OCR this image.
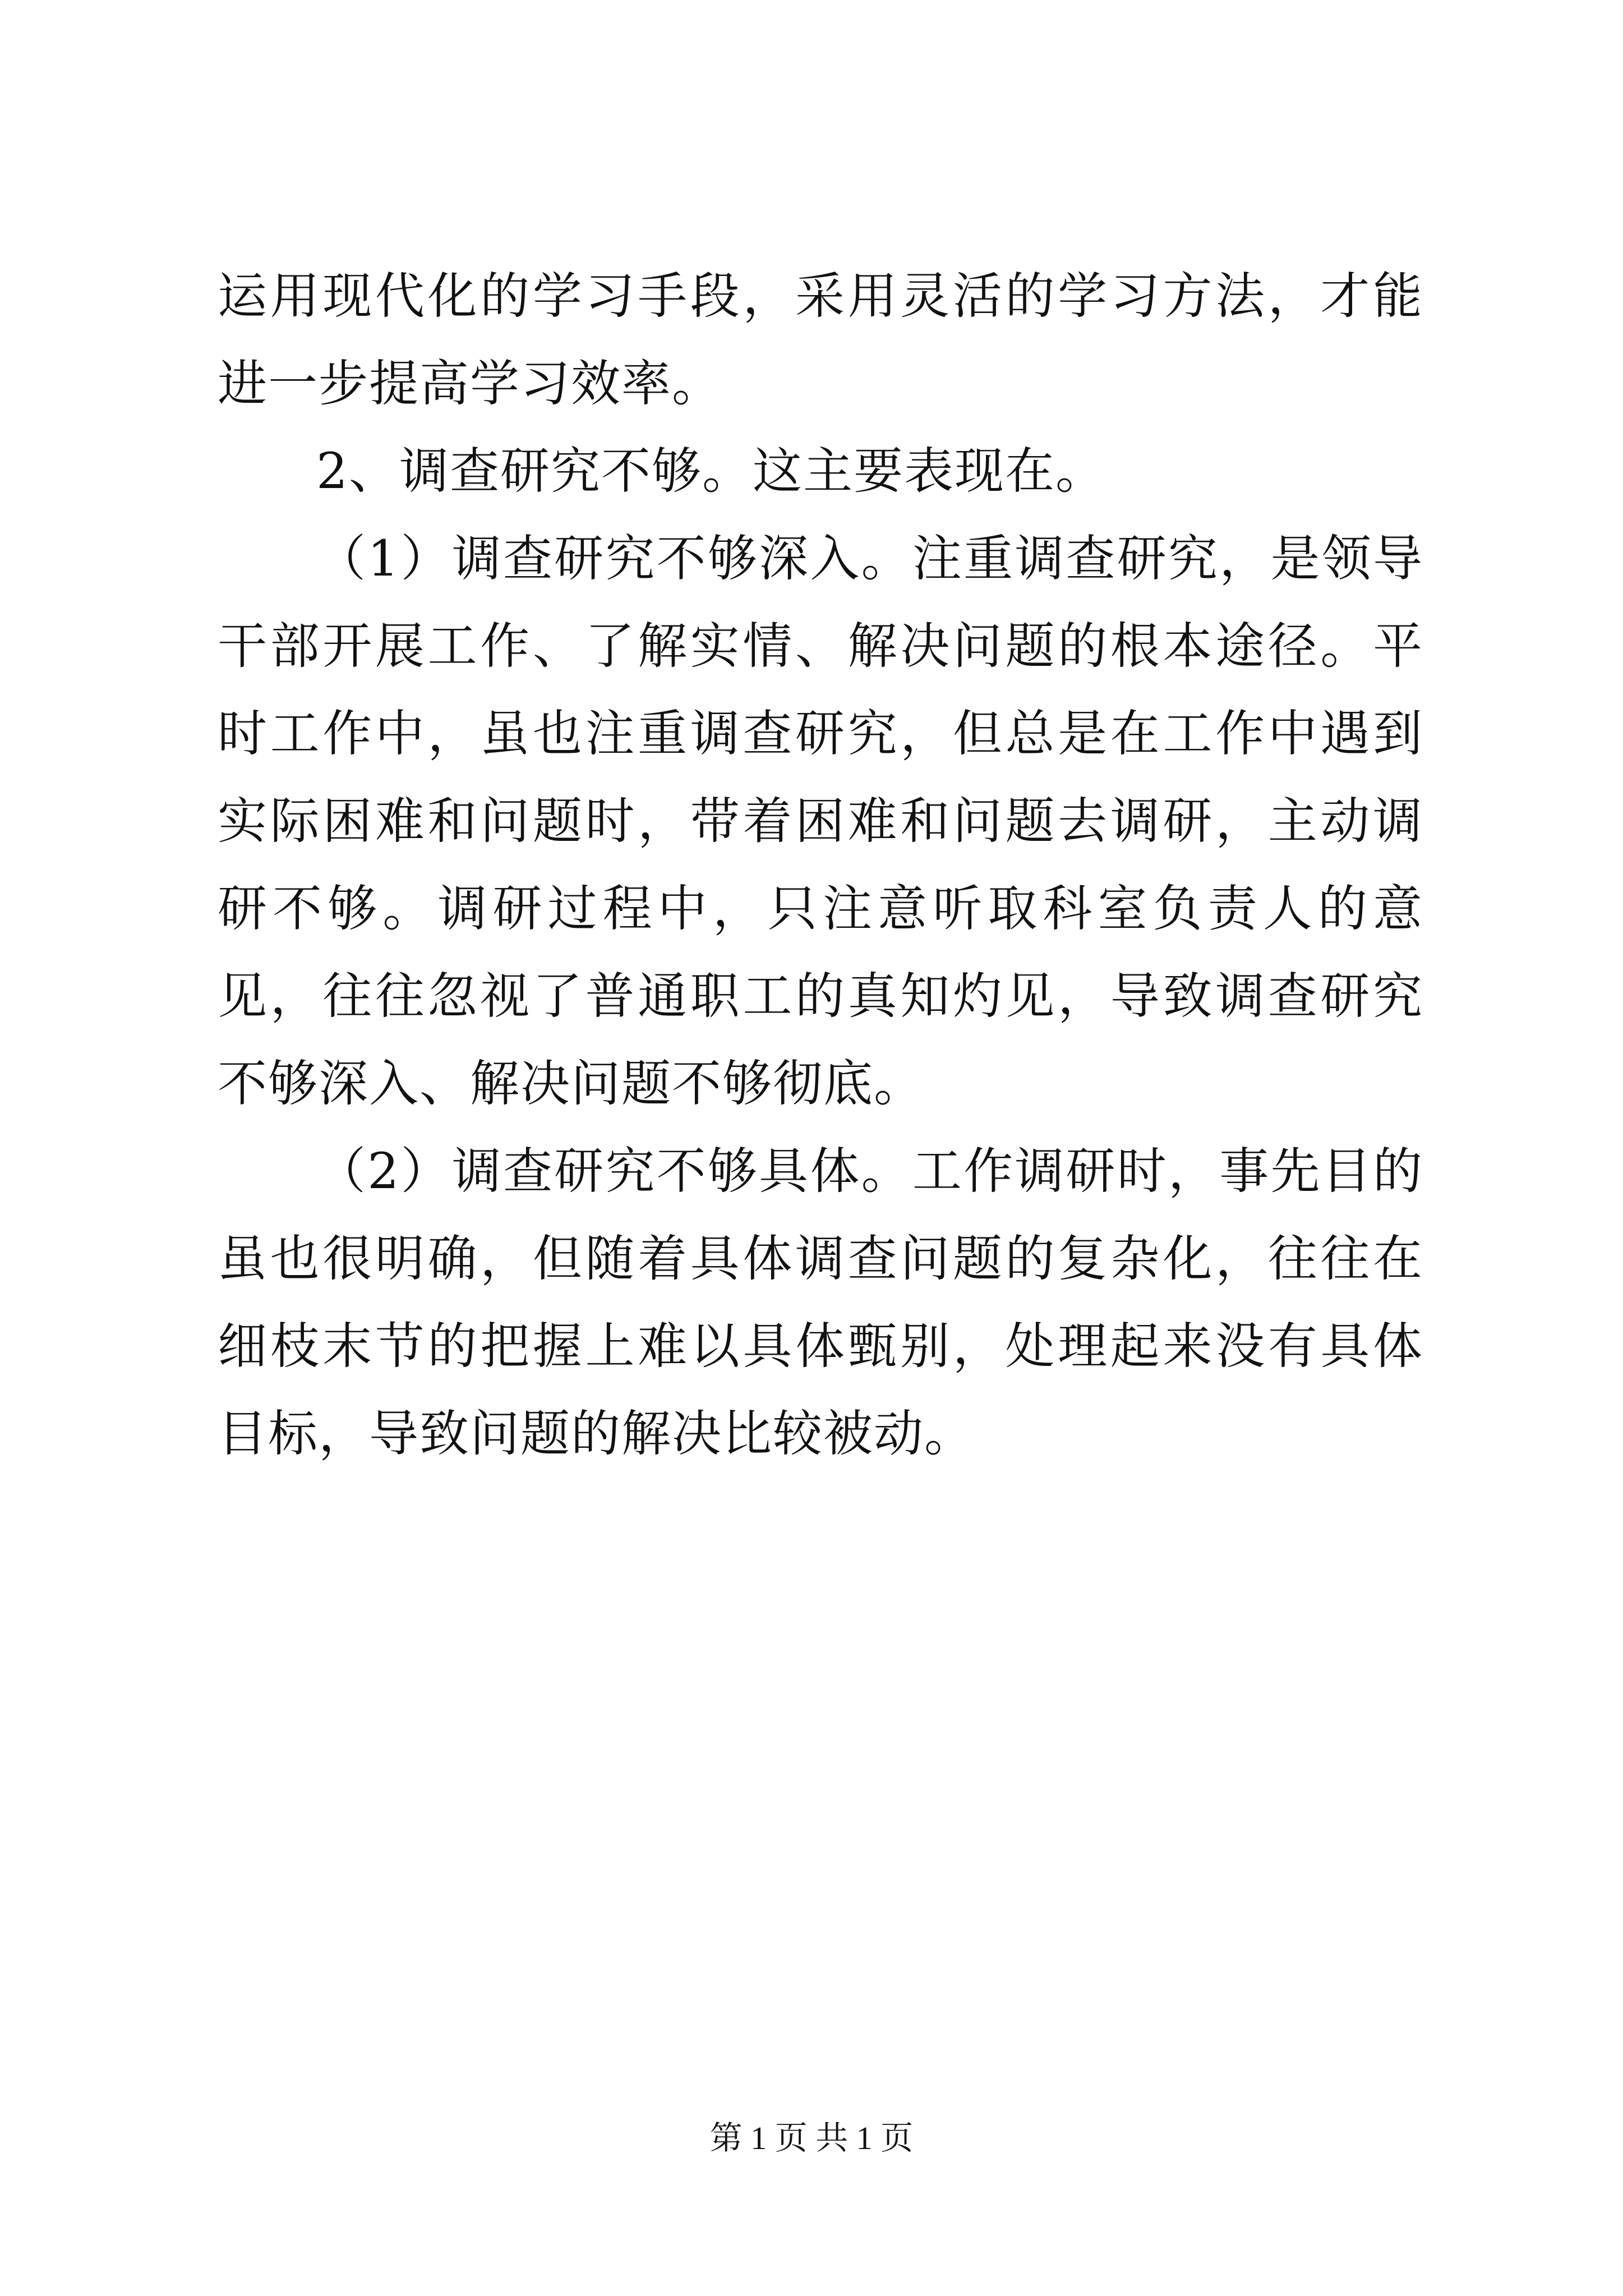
运用现代化的学习手段，采用灵活的学习方法，才能进一步提高学习效率。

2、调查研究不够。这主要表现在。

（1）调查研究不够深入。注重调查研究，是领导干部开展工作、了解实情、解决问题的根本途径。平时工作中，虽也注重调查研究，但总是在工作中遇到实际困难和问题时，带着困难和问题去调研，主动调研不够。调研过程中，只注意听取科室负责人的意见，往往忽视了普通职工的真知灼见，导致调查研究不够深入、解决问题不够彻底。

（2）调查研究不够具体。工作调研时，事先目的虽也很明确，但随着具体调查问题的复杂化，往往在细枝末节的把握上难以具体甄别，处理起来没有具体目标，导致问题的解决比较被动。

第 1 页 共 1 页
